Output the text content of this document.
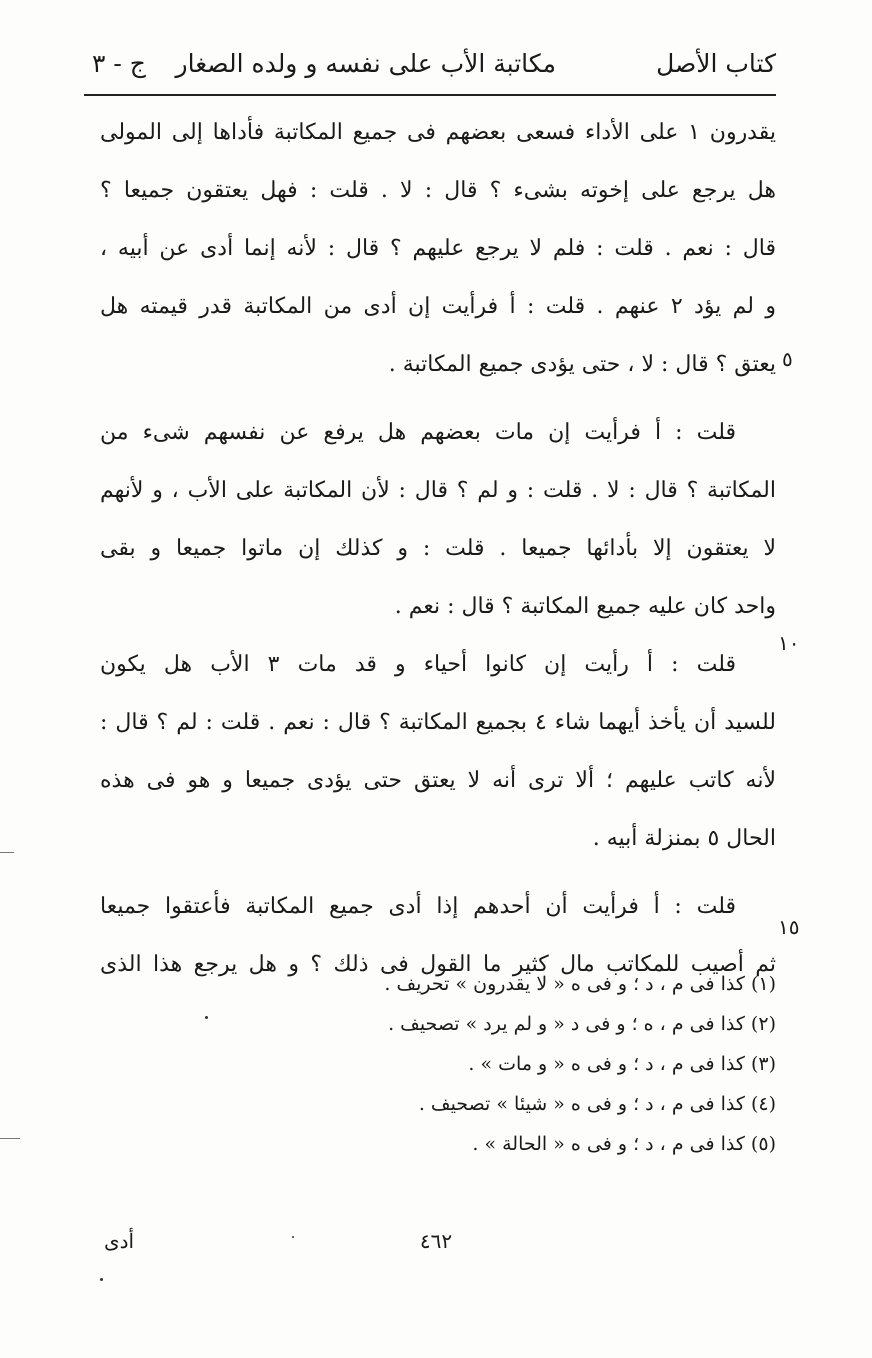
كتاب الأصل
مكاتبة الأب على نفسه و ولده الصغار
ج - ٣
يقدرون ١ على الأداء فسعى بعضهم فى جميع المكاتبة فأداها إلى المولى
هل يرجع على إخوته بشىء ؟ قال : لا . قلت : فهل يعتقون جميعا ؟
قال : نعم . قلت : فلم لا يرجع عليهم ؟ قال : لأنه إنما أدى عن أبيه ،
و لم يؤد ٢ عنهم . قلت : أ فرأيت إن أدى من المكاتبة قدر قيمته هل
يعتق ؟ قال : لا ، حتى يؤدى جميع المكاتبة .
قلت : أ فرأيت إن مات بعضهم هل يرفع عن نفسهم شىء من
المكاتبة ؟ قال : لا . قلت : و لم ؟ قال : لأن المكاتبة على الأب ، و لأنهم
لا يعتقون إلا بأدائها جميعا . قلت : و كذلك إن ماتوا جميعا و بقى
واحد كان عليه جميع المكاتبة ؟ قال : نعم .
قلت : أ رأيت إن كانوا أحياء و قد مات ٣ الأب هل يكون
للسيد أن يأخذ أيهما شاء ٤ بجميع المكاتبة ؟ قال : نعم . قلت : لم ؟ قال :
لأنه كاتب عليهم ؛ ألا ترى أنه لا يعتق حتى يؤدى جميعا و هو فى هذه
الحال ٥ بمنزلة أبيه .
قلت : أ فرأيت أن أحدهم إذا أدى جميع المكاتبة فأعتقوا جميعا
ثم أصيب للمكاتب مال كثير ما القول فى ذلك ؟ و هل يرجع هذا الذى
٥
١٠
١٥
(١) كذا فى م ، د ؛ و فى ه « لا يقدرون » تحريف .
(٢) كذا فى م ، ه ؛ و فى د « و لم يرد » تصحيف .
(٣) كذا فى م ، د ؛ و فى ه « و مات » .
(٤) كذا فى م ، د ؛ و فى ه « شيئا » تصحيف .
(٥) كذا فى م ، د ؛ و فى ه « الحالة » .
٤٦٢
أدى
